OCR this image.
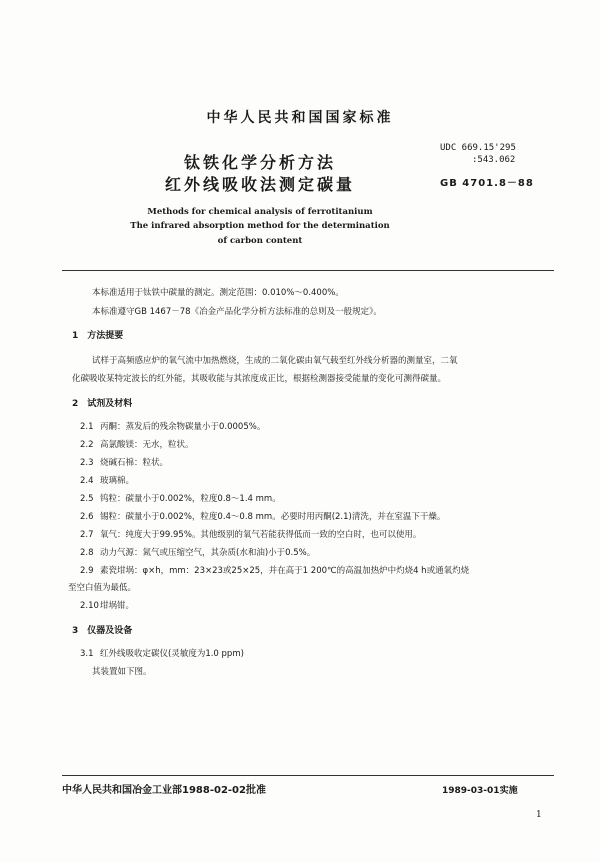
中华人民共和国国家标准
UDC 669.15'295
:543.062
GB 4701.8－88
钛铁化学分析方法
红外线吸收法测定碳量
Methods for chemical analysis of ferrotitanium
The infrared absorption method for the determination
of carbon content
本标准适用于钛铁中碳量的测定。测定范围：0.010%～0.400%。
本标准遵守GB 1467－78《冶金产品化学分析方法标准的总则及一般规定》。
1　方法提要
试样于高频感应炉的氧气流中加热燃烧，生成的二氧化碳由氧气载至红外线分析器的测量室，二氧
化碳吸收某特定波长的红外能，其吸收能与其浓度成正比，根据检测器接受能量的变化可测得碳量。
2　试剂及材料
2.1 丙酮：蒸发后的残余物碳量小于0.0005%。
2.2 高氯酸镁：无水，粒状。
2.3 烧碱石棉：粒状。
2.4 玻璃棉。
2.5 钨粒：碳量小于0.002%，粒度0.8～1.4 mm。
2.6 锡粒：碳量小于0.002%，粒度0.4～0.8 mm。必要时用丙酮(2.1)清洗，并在室温下干燥。
2.7 氧气：纯度大于99.95%。其他级别的氧气若能获得低而一致的空白时，也可以使用。
2.8 动力气源：氮气或压缩空气，其杂质(水和油)小于0.5%。
2.9 素瓷坩埚：φ×h，mm：23×23或25×25，并在高于1 200℃的高温加热炉中灼烧4 h或通氧灼烧
至空白值为最低。
2.10坩埚钳。
3　仪器及设备
3.1 红外线吸收定碳仪(灵敏度为1.0 ppm)
其装置如下图。
中华人民共和国冶金工业部1988-02-02批准	1989-03-01实施
1
